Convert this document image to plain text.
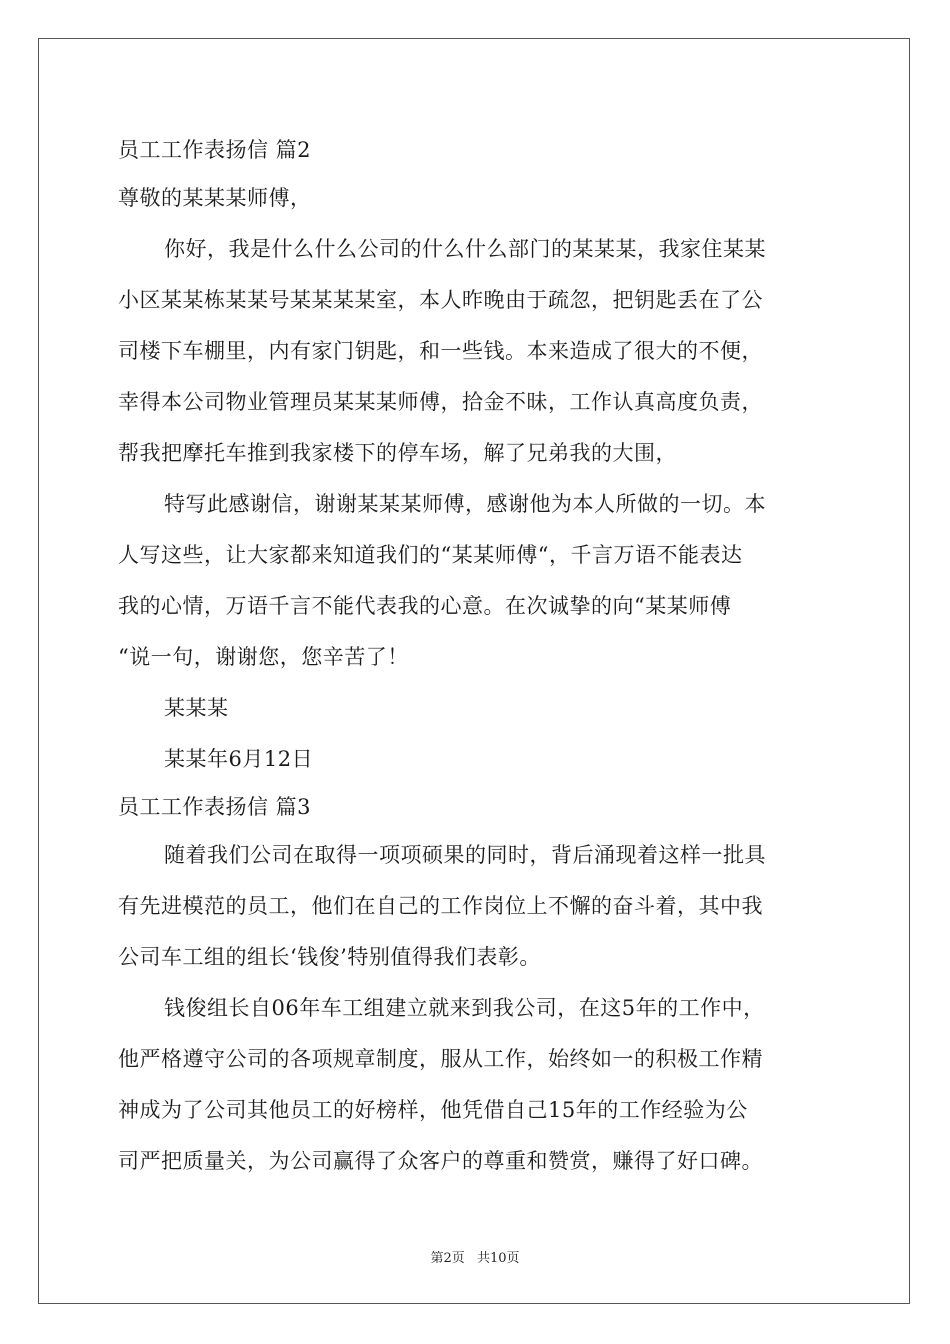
员工工作表扬信 篇2
尊敬的某某某师傅，
你好，我是什么什么公司的什么什么部门的某某某，我家住某某
小区某某栋某某号某某某某室，本人昨晚由于疏忽，把钥匙丢在了公
司楼下车棚里，内有家门钥匙，和一些钱。本来造成了很大的不便，
幸得本公司物业管理员某某某师傅，拾金不昧，工作认真高度负责，
帮我把摩托车推到我家楼下的停车场，解了兄弟我的大围，
特写此感谢信，谢谢某某某师傅，感谢他为本人所做的一切。本
人写这些，让大家都来知道我们的“某某师傅“，千言万语不能表达
我的心情，万语千言不能代表我的心意。在次诚挚的向“某某师傅
“说一句，谢谢您，您辛苦了！
某某某
某某年6月12日
员工工作表扬信 篇3
随着我们公司在取得一项项硕果的同时，背后涌现着这样一批具
有先进模范的员工，他们在自己的工作岗位上不懈的奋斗着，其中我
公司车工组的组长‘钱俊’特别值得我们表彰。
钱俊组长自06年车工组建立就来到我公司，在这5年的工作中，
他严格遵守公司的各项规章制度，服从工作，始终如一的积极工作精
神成为了公司其他员工的好榜样，他凭借自己15年的工作经验为公
司严把质量关，为公司赢得了众客户的尊重和赞赏，赚得了好口碑。
第2页 共10页
